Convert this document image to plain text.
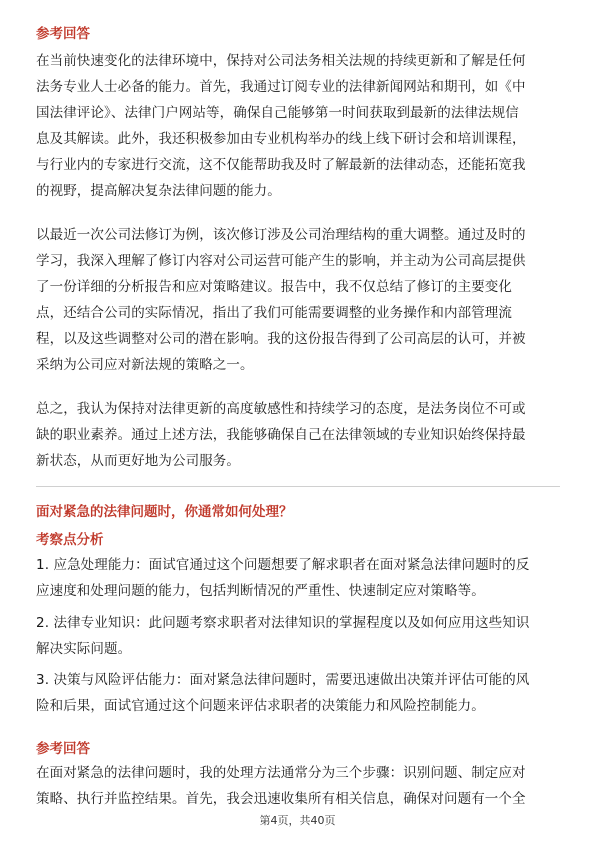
参考回答
在当前快速变化的法律环境中，保持对公司法务相关法规的持续更新和了解是任何
法务专业人士必备的能力。首先，我通过订阅专业的法律新闻网站和期刊，如《中
国法律评论》、法律门户网站等，确保自己能够第一时间获取到最新的法律法规信
息及其解读。此外，我还积极参加由专业机构举办的线上线下研讨会和培训课程，
与行业内的专家进行交流，这不仅能帮助我及时了解最新的法律动态，还能拓宽我
的视野，提高解决复杂法律问题的能力。
以最近一次公司法修订为例，该次修订涉及公司治理结构的重大调整。通过及时的
学习，我深入理解了修订内容对公司运营可能产生的影响，并主动为公司高层提供
了一份详细的分析报告和应对策略建议。报告中，我不仅总结了修订的主要变化
点，还结合公司的实际情况，指出了我们可能需要调整的业务操作和内部管理流
程，以及这些调整对公司的潜在影响。我的这份报告得到了公司高层的认可，并被
采纳为公司应对新法规的策略之一。
总之，我认为保持对法律更新的高度敏感性和持续学习的态度，是法务岗位不可或
缺的职业素养。通过上述方法，我能够确保自己在法律领域的专业知识始终保持最
新状态，从而更好地为公司服务。
面对紧急的法律问题时，你通常如何处理？
考察点分析
1. 应急处理能力：面试官通过这个问题想要了解求职者在面对紧急法律问题时的反
应速度和处理问题的能力，包括判断情况的严重性、快速制定应对策略等。
2. 法律专业知识：此问题考察求职者对法律知识的掌握程度以及如何应用这些知识
解决实际问题。
3. 决策与风险评估能力：面对紧急法律问题时，需要迅速做出决策并评估可能的风
险和后果，面试官通过这个问题来评估求职者的决策能力和风险控制能力。
参考回答
在面对紧急的法律问题时，我的处理方法通常分为三个步骤：识别问题、制定应对
策略、执行并监控结果。首先，我会迅速收集所有相关信息，确保对问题有一个全
第4页，共40页
